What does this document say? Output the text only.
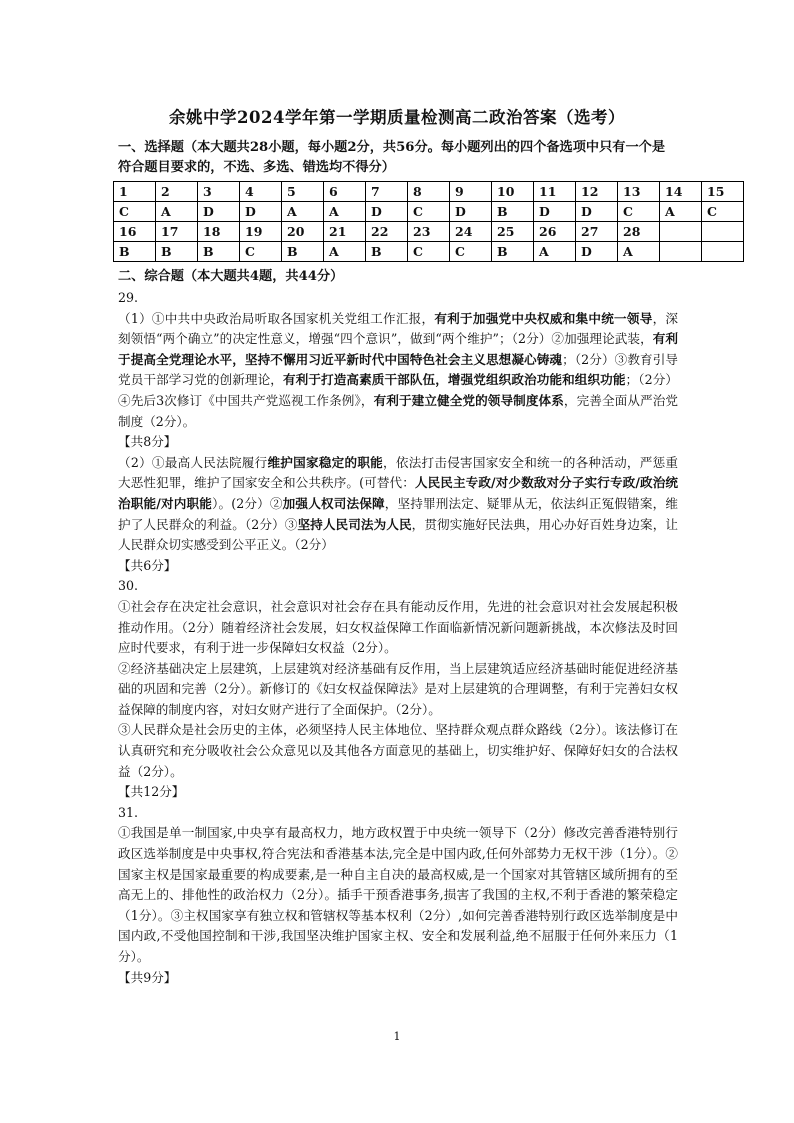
余姚中学2024学年第一学期质量检测高二政治答案（选考）
一、选择题（本大题共28小题，每小题2分，共56分。每小题列出的四个备选项中只有一个是符合题目要求的，不选、多选、错选均不得分）
1	2	3	4	5	6	7	8	9	10	11	12	13	14	15
C	A	D	D	A	A	D	C	D	B	D	D	C	A	C
16	17	18	19	20	21	22	23	24	25	26	27	28		
B	B	B	C	B	A	B	C	C	B	A	D	A		
二、综合题（本大题共4题，共44分）

29.

（1）①中共中央政治局听取各国家机关党组工作汇报，有利于加强党中央权威和集中统一领导，深刻领悟“两个确立”的决定性意义，增强“四个意识”，做到“两个维护”；（2分）②加强理论武装，有利于提高全党理论水平，坚持不懈用习近平新时代中国特色社会主义思想凝心铸魂；（2分）③教育引导党员干部学习党的创新理论，有利于打造高素质干部队伍，增强党组织政治功能和组织功能；（2分）④先后3次修订《中国共产党巡视工作条例》，有利于建立健全党的领导制度体系，完善全面从严治党制度（2分）。

【共8分】

（2）①最高人民法院履行维护国家稳定的职能，依法打击侵害国家安全和统一的各种活动，严惩重大恶性犯罪，维护了国家安全和公共秩序。(可替代：人民民主专政/对少数敌对分子实行专政/政治统治职能/对内职能）。(2分）②加强人权司法保障，坚持罪刑法定、疑罪从无，依法纠正冤假错案，维护了人民群众的利益。（2分）③坚持人民司法为人民，贯彻实施好民法典，用心办好百姓身边案，让人民群众切实感受到公平正义。（2分）

【共6分】

30.

①社会存在决定社会意识，社会意识对社会存在具有能动反作用，先进的社会意识对社会发展起积极推动作用。（2分）随着经济社会发展，妇女权益保障工作面临新情况新问题新挑战，本次修法及时回应时代要求，有利于进一步保障妇女权益（2分）。

②经济基础决定上层建筑，上层建筑对经济基础有反作用，当上层建筑适应经济基础时能促进经济基础的巩固和完善（2分）。新修订的《妇女权益保障法》是对上层建筑的合理调整，有利于完善妇女权益保障的制度内容，对妇女财产进行了全面保护。（2分）。

③人民群众是社会历史的主体，必须坚持人民主体地位、坚持群众观点群众路线（2分）。该法修订在认真研究和充分吸收社会公众意见以及其他各方面意见的基础上，切实维护好、保障好妇女的合法权益（2分）。

【共12分】

31.

①我国是单一制国家,中央享有最高权力，地方政权置于中央统一领导下（2分）修改完善香港特别行政区选举制度是中央事权,符合宪法和香港基本法,完全是中国内政,任何外部势力无权干涉（1分）。②国家主权是国家最重要的构成要素,是一种自主自决的最高权威,是一个国家对其管辖区域所拥有的至高无上的、排他性的政治权力（2分）。插手干预香港事务,损害了我国的主权,不利于香港的繁荣稳定（1分）。③主权国家享有独立权和管辖权等基本权利（2分）,如何完善香港特别行政区选举制度是中国内政,不受他国控制和干涉,我国坚决维护国家主权、安全和发展利益,绝不屈服于任何外来压力（1分）。

【共9分】

1
